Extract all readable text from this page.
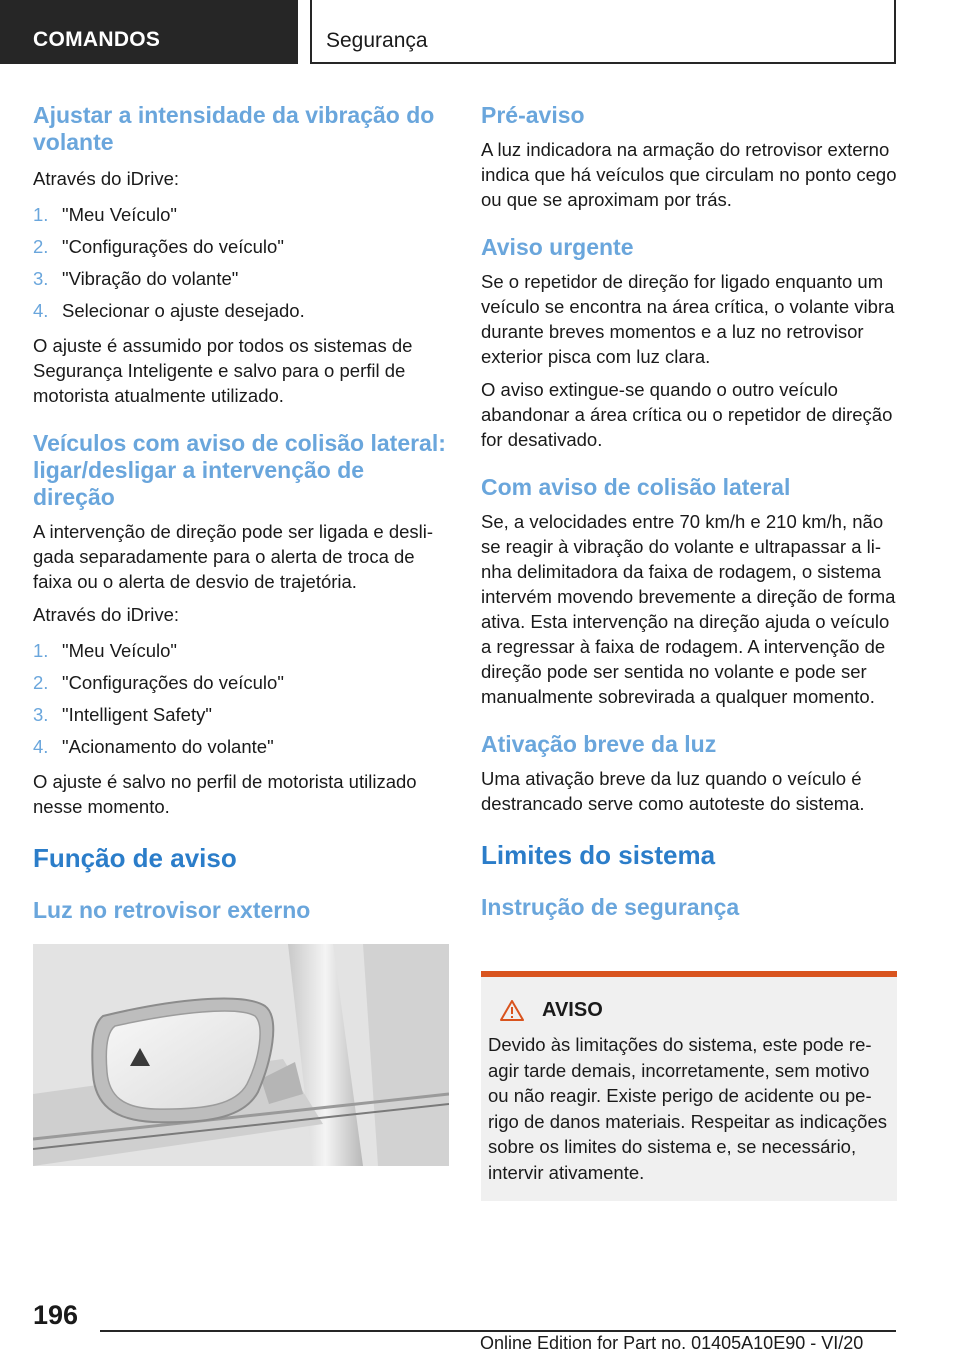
COMANDOS	Segurança
Ajustar a intensidade da vibração do volante

Através do iDrive:

1. "Meu Veículo"
2. "Configurações do veículo"
3. "Vibração do volante"
4. Selecionar o ajuste desejado.

O ajuste é assumido por todos os sistemas de Segurança Inteligente e salvo para o perfil de motorista atualmente utilizado.

Veículos com aviso de colisão lateral: ligar/desligar a intervenção de direção

A intervenção de direção pode ser ligada e desligada separadamente para o alerta de troca de faixa ou o alerta de desvio de trajetória.

Através do iDrive:

1. "Meu Veículo"
2. "Configurações do veículo"
3. "Intelligent Safety"
4. "Acionamento do volante"

O ajuste é salvo no perfil de motorista utilizado nesse momento.

Função de aviso
Luz no retrovisor externo
Pré-aviso

A luz indicadora na armação do retrovisor externo indica que há veículos que circulam no ponto cego ou que se aproximam por trás.

Aviso urgente

Se o repetidor de direção for ligado enquanto um veículo se encontra na área crítica, o volante vibra durante breves momentos e a luz no retrovisor exterior pisca com luz clara.

O aviso extingue-se quando o outro veículo abandonar a área crítica ou o repetidor de direção for desativado.

Com aviso de colisão lateral

Se, a velocidades entre 70 km/h e 210 km/h, não se reagir à vibração do volante e ultrapassar a linha delimitadora da faixa de rodagem, o sistema intervém movendo brevemente a direção de forma ativa. Esta intervenção na direção ajuda o veículo a regressar à faixa de rodagem. A intervenção de direção pode ser sentida no volante e pode ser manualmente sobrevirada a qualquer momento.

Ativação breve da luz

Uma ativação breve da luz quando o veículo é destrancado serve como autoteste do sistema.

Limites do sistema
Instrução de segurança
AVISO

Devido às limitações do sistema, este pode reagir tarde demais, incorretamente, sem motivo ou não reagir. Existe perigo de acidente ou perigo de danos materiais. Respeitar as indicações sobre os limites do sistema e, se necessário, intervir ativamente.

196
Online Edition for Part no. 01405A10E90 - VI/20
